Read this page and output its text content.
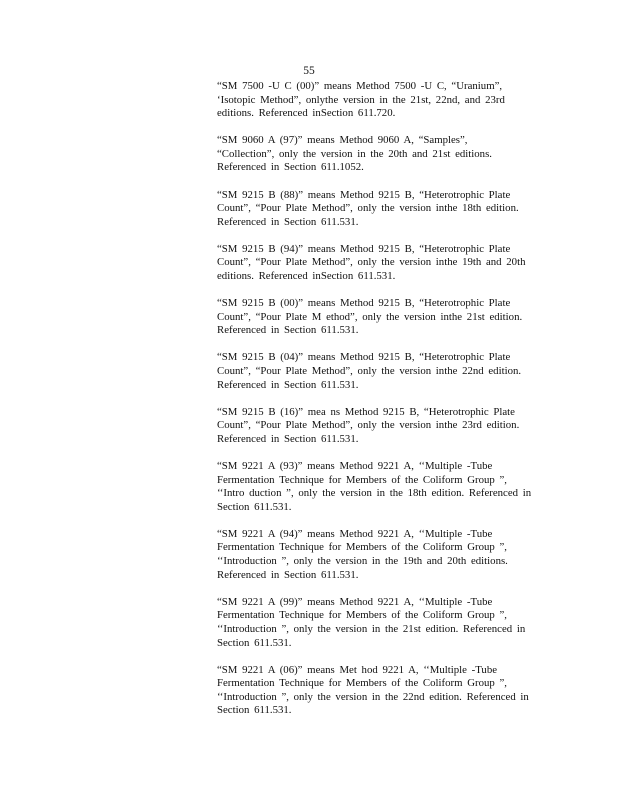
55

“SM 7500 -U C (00)” means Method 7500 -U C, “Uranium”,
‘Isotopic Method”, onlythe version in the 21st, 22nd, and 23rd
editions. Referenced inSection 611.720.

“SM 9060 A (97)” means Method 9060 A, “Samples”,
“Collection”, only the version in the 20th and 21st editions.
Referenced in Section 611.1052.

“SM 9215 B (88)” means Method 9215 B, “Heterotrophic Plate
Count”, “Pour Plate Method”, only the version inthe 18th edition.
Referenced in Section 611.531.

“SM 9215 B (94)” means Method 9215 B, “Heterotrophic Plate
Count”, “Pour Plate Method”, only the version inthe 19th and 20th
editions. Referenced inSection 611.531.

“SM 9215 B (00)” means Method 9215 B, “Heterotrophic Plate
Count”, “Pour Plate M ethod”, only the version inthe 21st edition.
Referenced in Section 611.531.

“SM 9215 B (04)” means Method 9215 B, “Heterotrophic Plate
Count”, “Pour Plate Method”, only the version inthe 22nd edition.
Referenced in Section 611.531.

“SM 9215 B (16)” mea ns Method 9215 B, “Heterotrophic Plate
Count”, “Pour Plate Method”, only the version inthe 23rd edition.
Referenced in Section 611.531.

“SM 9221 A (93)” means Method 9221 A, ‘‘Multiple -Tube
Fermentation Technique for Members of the Coliform Group ”,
‘‘Intro duction ”, only the version in the 18th edition. Referenced in
Section 611.531.

“SM 9221 A (94)” means Method 9221 A, ‘‘Multiple -Tube
Fermentation Technique for Members of the Coliform Group ”,
‘‘Introduction ”, only the version in the 19th and 20th editions.
Referenced in Section 611.531.

“SM 9221 A (99)” means Method 9221 A, ‘‘Multiple -Tube
Fermentation Technique for Members of the Coliform Group ”,
‘‘Introduction ”, only the version in the 21st edition. Referenced in
Section 611.531.

“SM 9221 A (06)” means Met hod 9221 A, ‘‘Multiple -Tube
Fermentation Technique for Members of the Coliform Group ”,
‘‘Introduction ”, only the version in the 22nd edition. Referenced in
Section 611.531.
